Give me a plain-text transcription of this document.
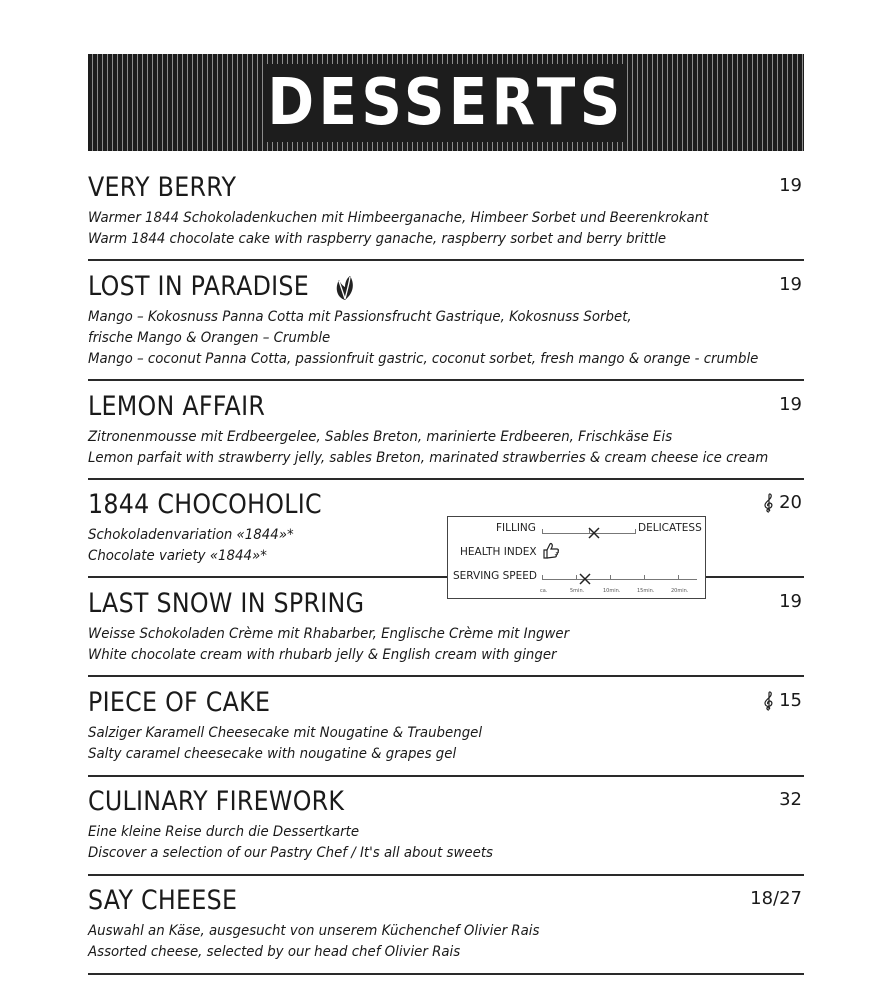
DESSERTS
VERY BERRY	19
Warmer 1844 Schokoladenkuchen mit Himbeerganache, Himbeer Sorbet und Beerenkrokant
Warm 1844 chocolate cake with raspberry ganache, raspberry sorbet and berry brittle
LOST IN PARADISE	19
Mango – Kokosnuss Panna Cotta mit Passionsfrucht Gastrique, Kokosnuss Sorbet,
frische Mango & Orangen – Crumble
Mango – coconut Panna Cotta, passionfruit gastric, coconut sorbet, fresh mango & orange - crumble
LEMON AFFAIR	19
Zitronenmousse mit Erdbeergelee, Sables Breton, marinierte Erdbeeren, Frischkäse Eis
Lemon parfait with strawberry jelly, sables Breton, marinated strawberries & cream cheese ice cream
1844 CHOCOHOLIC	20
Schokoladenvariation «1844»*
Chocolate variety «1844»*
FILLING	DELICATESS
HEALTH INDEX
SERVING SPEED
ca.	5min.	10min.	15min.	20min.
LAST SNOW IN SPRING	19
Weisse Schokoladen Crème mit Rhabarber, Englische Crème mit Ingwer
White chocolate cream with rhubarb jelly & English cream with ginger
PIECE OF CAKE	15
Salziger Karamell Cheesecake mit Nougatine & Traubengel
Salty caramel cheesecake with nougatine & grapes gel
CULINARY FIREWORK	32
Eine kleine Reise durch die Dessertkarte
Discover a selection of our Pastry Chef / It's all about sweets
SAY CHEESE	18/27
Auswahl an Käse, ausgesucht von unserem Küchenchef Olivier Rais
Assorted cheese, selected by our head chef Olivier Rais
